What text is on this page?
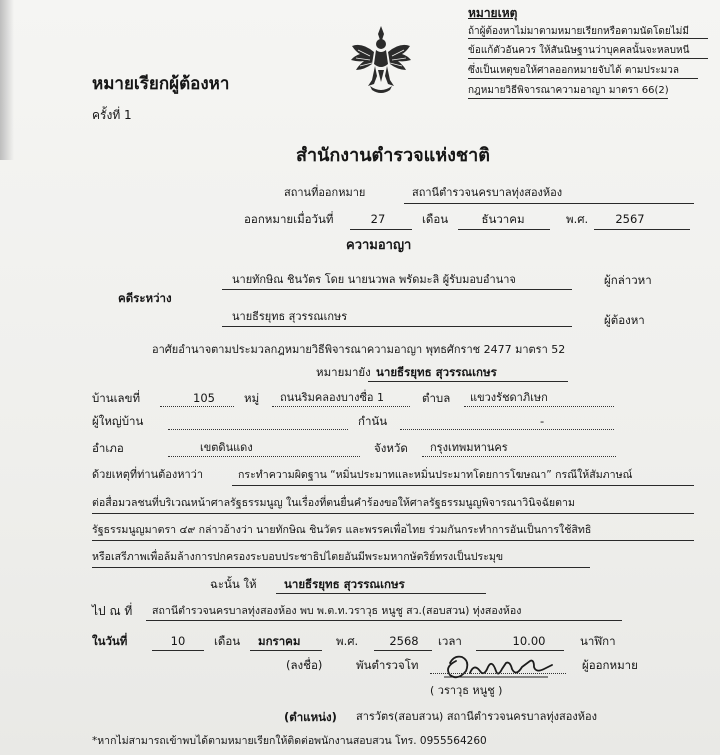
หมายเหตุ
ถ้าผู้ต้องหาไม่มาตามหมายเรียกหรือตามนัดโดยไม่มี
ข้อแก้ตัวอันควร ให้สันนิษฐานว่าบุคคลนั้นจะหลบหนี
ซึ่งเป็นเหตุขอให้ศาลออกหมายจับได้ ตามประมวล
กฎหมายวิธีพิจารณาความอาญา มาตรา 66(2)
หมายเรียกผู้ต้องหา
ครั้งที่ 1
สำนักงานตำรวจแห่งชาติ
สถานที่ออกหมาย	สถานีตำรวจนครบาลทุ่งสองห้อง
ออกหมายเมื่อวันที่	27	เดือน	ธันวาคม	พ.ศ.	2567
ความอาญา
คดีระหว่าง
นายทักษิณ ชินวัตร โดย นายนวพล พรัดมะลิ ผู้รับมอบอำนาจ	ผู้กล่าวหา
นายธีรยุทธ สุวรรณเกษร	ผู้ต้องหา
อาศัยอำนาจตามประมวลกฎหมายวิธีพิจารณาความอาญา พุทธศักราช 2477 มาตรา 52
หมายมายัง นายธีรยุทธ สุวรรณเกษร
บ้านเลขที่	105	หมู่ ถนนริมคลองบางซื่อ 1	ตำบล แขวงรัชดาภิเษก
ผู้ใหญ่บ้าน	กำนัน	-
อำเภอ	เขตดินแดง	จังหวัด กรุงเทพมหานคร
ด้วยเหตุที่ท่านต้องหาว่า	กระทำความผิดฐาน “หมิ่นประมาทและหมิ่นประมาทโดยการโฆษณา” กรณีให้สัมภาษณ์
ต่อสื่อมวลชนที่บริเวณหน้าศาลรัฐธรรมนูญ ในเรื่องที่ตนยื่นคำร้องขอให้ศาลรัฐธรรมนูญพิจารณาวินิจฉัยตาม
รัฐธรรมนูญมาตรา ๔๙ กล่าวอ้างว่า นายทักษิณ ชินวัตร และพรรคเพื่อไทย ร่วมกันกระทำการอันเป็นการใช้สิทธิ
หรือเสรีภาพเพื่อล้มล้างการปกครองระบอบประชาธิปไตยอันมีพระมหากษัตริย์ทรงเป็นประมุข
ฉะนั้น ให้ นายธีรยุทธ สุวรรณเกษร
ไป ณ ที่ สถานีตำรวจนครบาลทุ่งสองห้อง พบ พ.ต.ท.วราวุธ หนูชู สว.(สอบสวน) ทุ่งสองห้อง
ในวันที่	10	เดือน มกราคม	พ.ศ.	2568	เวลา	10.00	นาฬิกา
(ลงชื่อ)	พันตำรวจโท	ผู้ออกหมาย
( วราวุธ หนูชู )
(ตำแหน่ง) สารวัตร(สอบสวน) สถานีตำรวจนครบาลทุ่งสองห้อง
*หากไม่สามารถเข้าพบได้ตามหมายเรียกให้ติดต่อพนักงานสอบสวน โทร. 0955564260
